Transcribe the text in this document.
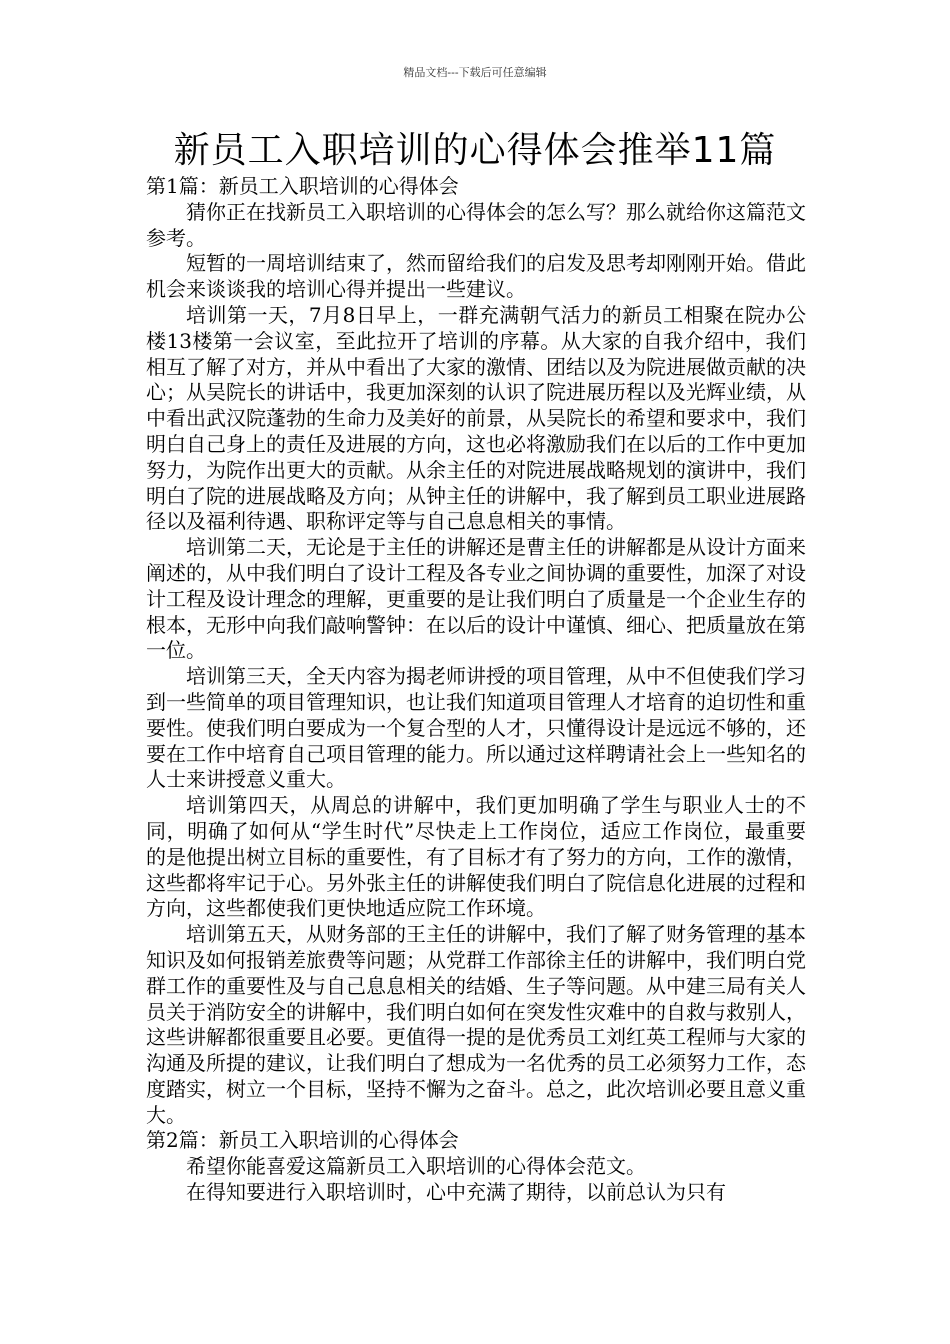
精品文档---下载后可任意编辑
新员工入职培训的心得体会推举11篇

第1篇：新员工入职培训的心得体会

猜你正在找新员工入职培训的心得体会的怎么写？那么就给你这篇范文参考。

短暂的一周培训结束了，然而留给我们的启发及思考却刚刚开始。借此机会来谈谈我的培训心得并提出一些建议。

培训第一天，7月8日早上，一群充满朝气活力的新员工相聚在院办公楼13楼第一会议室，至此拉开了培训的序幕。从大家的自我介绍中，我们相互了解了对方，并从中看出了大家的激情、团结以及为院进展做贡献的决心；从吴院长的讲话中，我更加深刻的认识了院进展历程以及光辉业绩，从中看出武汉院蓬勃的生命力及美好的前景，从吴院长的希望和要求中，我们明白自己身上的责任及进展的方向，这也必将激励我们在以后的工作中更加努力，为院作出更大的贡献。从余主任的对院进展战略规划的演讲中，我们明白了院的进展战略及方向；从钟主任的讲解中，我了解到员工职业进展路径以及福利待遇、职称评定等与自己息息相关的事情。

培训第二天，无论是于主任的讲解还是曹主任的讲解都是从设计方面来阐述的，从中我们明白了设计工程及各专业之间协调的重要性，加深了对设计工程及设计理念的理解，更重要的是让我们明白了质量是一个企业生存的根本，无形中向我们敲响警钟：在以后的设计中谨慎、细心、把质量放在第一位。

培训第三天，全天内容为揭老师讲授的项目管理，从中不但使我们学习到一些简单的项目管理知识，也让我们知道项目管理人才培育的迫切性和重要性。使我们明白要成为一个复合型的人才，只懂得设计是远远不够的，还要在工作中培育自己项目管理的能力。所以通过这样聘请社会上一些知名的人士来讲授意义重大。

培训第四天，从周总的讲解中，我们更加明确了学生与职业人士的不同，明确了如何从“学生时代”尽快走上工作岗位，适应工作岗位，最重要的是他提出树立目标的重要性，有了目标才有了努力的方向，工作的激情，这些都将牢记于心。另外张主任的讲解使我们明白了院信息化进展的过程和方向，这些都使我们更快地适应院工作环境。

培训第五天，从财务部的王主任的讲解中，我们了解了财务管理的基本知识及如何报销差旅费等问题；从党群工作部徐主任的讲解中，我们明白党群工作的重要性及与自己息息相关的结婚、生子等问题。从中建三局有关人员关于消防安全的讲解中，我们明白如何在突发性灾难中的自救与救别人，这些讲解都很重要且必要。更值得一提的是优秀员工刘红英工程师与大家的沟通及所提的建议，让我们明白了想成为一名优秀的员工必须努力工作，态度踏实，树立一个目标，坚持不懈为之奋斗。总之，此次培训必要且意义重大。

第2篇：新员工入职培训的心得体会

希望你能喜爱这篇新员工入职培训的心得体会范文。

在得知要进行入职培训时，心中充满了期待，以前总认为只有
